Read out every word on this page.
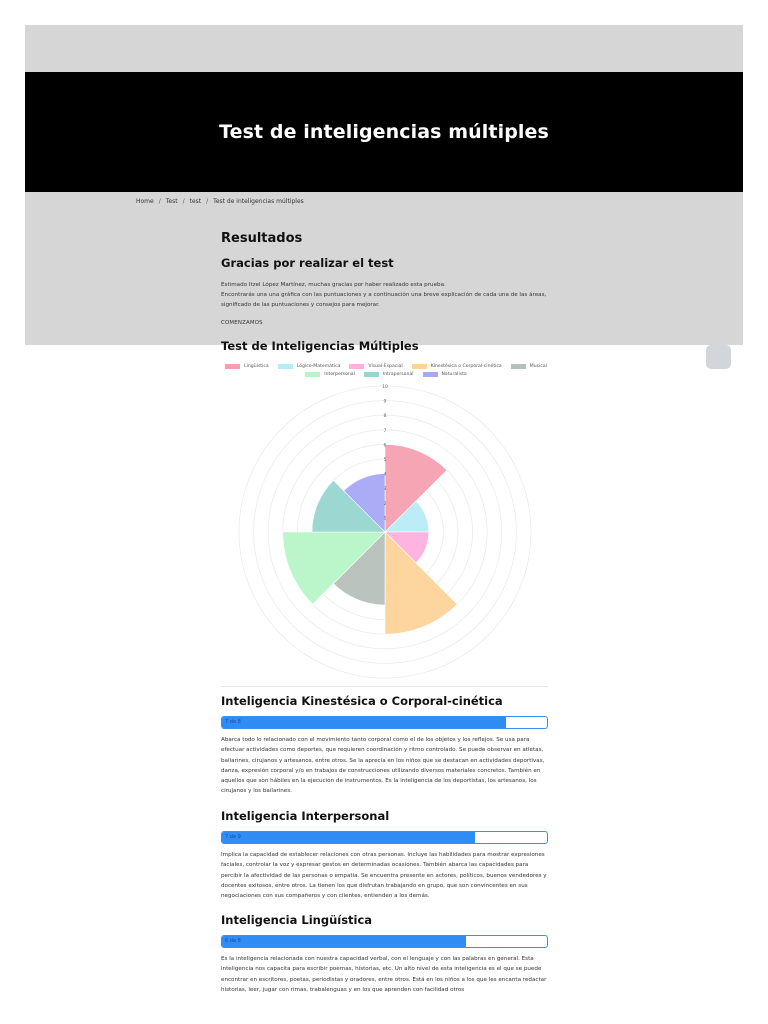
Test de inteligencias múltiples
Home / Test / test / Test de inteligencias múltiples
Resultados
Gracias por realizar el test
Estimado Itzel López Martínez, muchas gracias por haber realizado esta prueba.
Encontrarás una una gráfica con las puntuaciones y a continuación una breve explicación de cada una de las áreas, significado de las puntuaciones y consejos para mejorar.
COMENZAMOS
Test de Inteligencias Múltiples
Lingüística	Lógico-Matemática	Visual-Espacial	Kinestésica o Corporal-cinética	Musical
Interpersonal	Intrapersonal	Naturalista
1
2
3
4
5
6
7
8
9
10
Inteligencia Kinestésica o Corporal-cinética
7 de 8

Abarca todo lo relacionado con el movimiento tanto corporal como el de los objetos y los reflejos. Se usa para efectuar actividades como deportes, que requieren coordinación y ritmo controlado. Se puede observar en atletas, bailarines, cirujanos y artesanos, entre otros. Se la aprecia en los niños que se destacan en actividades deportivas, danza, expresión corporal y/o en trabajos de construcciones utilizando diversos materiales concretos. También en aquellos que son hábiles en la ejecución de instrumentos. Es la inteligencia de los deportistas, los artesanos, los cirujanos y los bailarines.

Inteligencia Interpersonal
7 de 9

Implica la capacidad de establecer relaciones con otras personas. Incluye las habilidades para mostrar expresiones faciales, controlar la voz y expresar gestos en determinadas ocasiones. También abarca las capacidades para percibir la afectividad de las personas o empatía. Se encuentra presente en actores, políticos, buenos vendedores y docentes exitosos, entre otros. La tienen los que disfrutan trabajando en grupo, que son convincentes en sus negociaciones con sus compañeros y con clientes, entienden a los demás.

Inteligencia Lingüística
6 de 8

Es la inteligencia relacionada con nuestra capacidad verbal, con el lenguaje y con las palabras en general. Esta inteligencia nos capacita para escribir poemas, historias, etc. Un alto nivel de esta inteligencia es el que se puede encontrar en escritores, poetas, periodistas y oradores, entre otros. Está en los niños a los que les encanta redactar historias, leer, jugar con rimas, trabalenguas y en los que aprenden con facilidad otros
